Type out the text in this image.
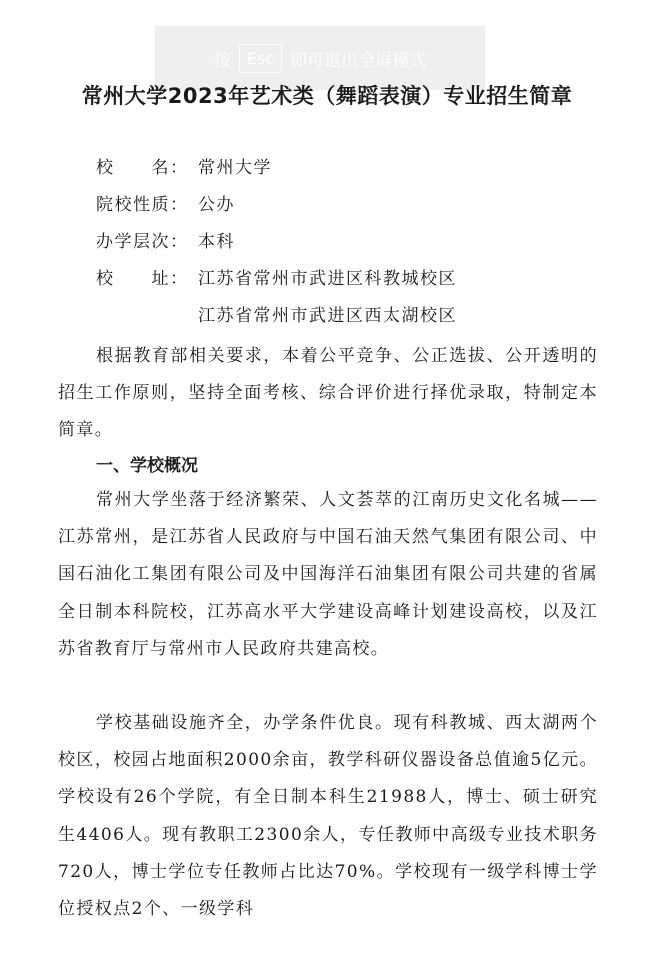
按	Esc 即可退出全屏模式
常州大学2023年艺术类（舞蹈表演）专业招生简章
校　　名： 常州大学
院校性质： 公办
办学层次： 本科
校　　址： 江苏省常州市武进区科教城校区
江苏省常州市武进区西太湖校区
根据教育部相关要求，本着公平竞争、公正选拔、公开透明的招生工作原则，坚持全面考核、综合评价进行择优录取，特制定本简章。
一、学校概况
常州大学坐落于经济繁荣、人文荟萃的江南历史文化名城——江苏常州，是江苏省人民政府与中国石油天然气集团有限公司、中国石油化工集团有限公司及中国海洋石油集团有限公司共建的省属全日制本科院校，江苏高水平大学建设高峰计划建设高校，以及江苏省教育厅与常州市人民政府共建高校。
学校基础设施齐全，办学条件优良。现有科教城、西太湖两个校区，校园占地面积2000余亩，教学科研仪器设备总值逾5亿元。学校设有26个学院，有全日制本科生21988人，博士、硕士研究生4406人。现有教职工2300余人，专任教师中高级专业技术职务720人，博士学位专任教师占比达70%。学校现有一级学科博士学位授权点2个、一级学科
